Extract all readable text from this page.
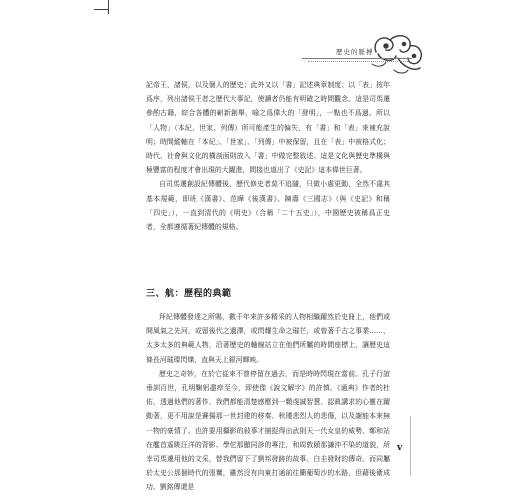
歷史的脈搏

記帝王、諸侯，以及個人的歷史；此外又以「書」記述典章制度；以「表」按年爲序，列出諸侯王者之歷代大事記，使讀者仍能有明確之時間觀念。這是司馬遷參酌古籍，綜合各體的嶄新創舉，喻之爲偉大的「發明」，一點也不爲過。所以「人物」（本紀、世家、列傳）所可能產生的偏失，有「書」和「表」來補充說明；時間縱軸在「本紀」、「世家」、「列傳」中被保留，且在「表」中被格式化；時代、社會與文化的橫剖面則放入「書」中做完整敘述。這是文化與歷史準構與極豐富的程度才會出現的大躍進，間接也道出了《史記》這本偉世巨著。

自司馬遷創設紀傳體後，歷代修史者莫不追隨，只做小處更動，全然不違其基本規範，即班《漢書》、范曄《後漢書》、陳壽《三國志》（與《史記》和稱「四史」），一直到清代的《明史》（合稱「二十五史」），中國歷史被稱爲正史者，全都遵循著紀傳體的規格。

三、航：歷程的典範

拜紀傳體發達之所賜，數千年來許多精采的人物相繼躍然於史冊上，他們或開風氣之先河，或留後代之遺澤，或閃耀生命之璀芒，或曾著千古之事業……，太多太多的典範人物，沿著歷史的軸線站立在他們所屬的時間座標上，讓歷史這條長河璀璨閃爍，直與天上銀河輝映。

歷史之奇妙，在於它從來不曾停留在過去，而是時時閃現在當前。孔子行誼垂訓百世，孔明鞠躬盡瘁至今，即使像《說文解字》的許慎、《通典》作者的杜佑，透過他們的著作，我們都能清楚感應到一顆虔誠智慧、認眞講求的心靈在躍動著，更不用說是賽揚那一世封建的移秦、秋瑾悲烈人的悲傷，以及謝能本來無一物的豪情了。也許要用攝影的敍事才捕捉得出武則天一代女皇的威勢、鄭和站在艦首遙眺汪洋的背影、學佗那顯同診的專注，和周敦頤那謙沖不染的道貌，所幸司馬遷用他的文采，替我們留下了劉邦發跡的故事、白圭發財的傳奇。而同屬於太史公那個時代的張騫，雖然沒有向東打通前往蘭葡萄沙的水路，但藉後衛成功、劉銘傳還是

v
